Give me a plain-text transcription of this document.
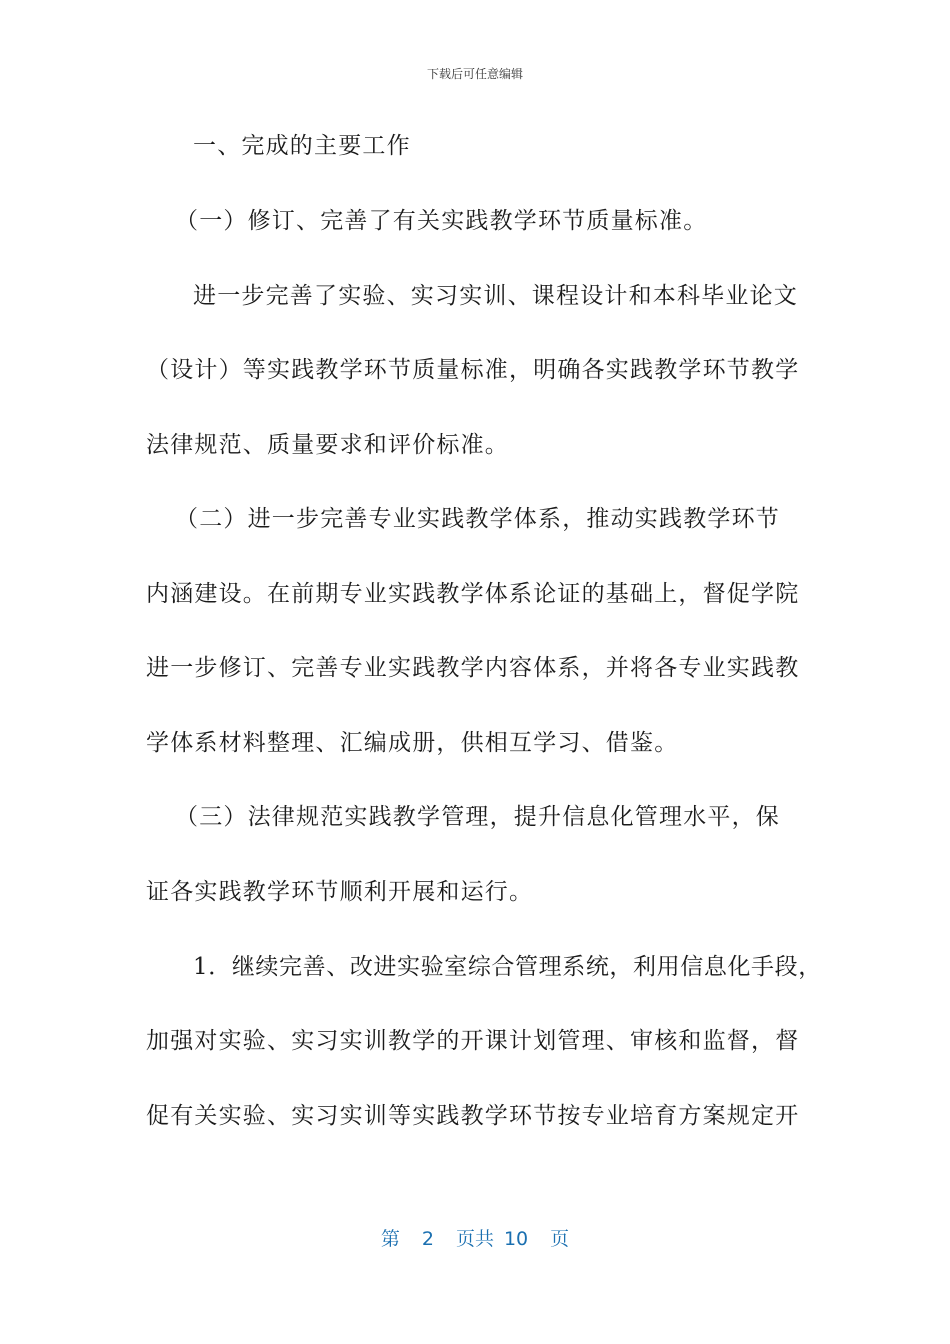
下载后可任意编辑
一、完成的主要工作
（一）修订、完善了有关实践教学环节质量标准。
进一步完善了实验、实习实训、课程设计和本科毕业论文
（设计）等实践教学环节质量标准，明确各实践教学环节教学
法律规范、质量要求和评价标准。
（二）进一步完善专业实践教学体系，推动实践教学环节
内涵建设。在前期专业实践教学体系论证的基础上，督促学院
进一步修订、完善专业实践教学内容体系，并将各专业实践教
学体系材料整理、汇编成册，供相互学习、借鉴。
（三）法律规范实践教学管理，提升信息化管理水平，保
证各实践教学环节顺利开展和运行。
1．继续完善、改进实验室综合管理系统，利用信息化手段，
加强对实验、实习实训教学的开课计划管理、审核和监督，督
促有关实验、实习实训等实践教学环节按专业培育方案规定开
第 2 页共 10 页
